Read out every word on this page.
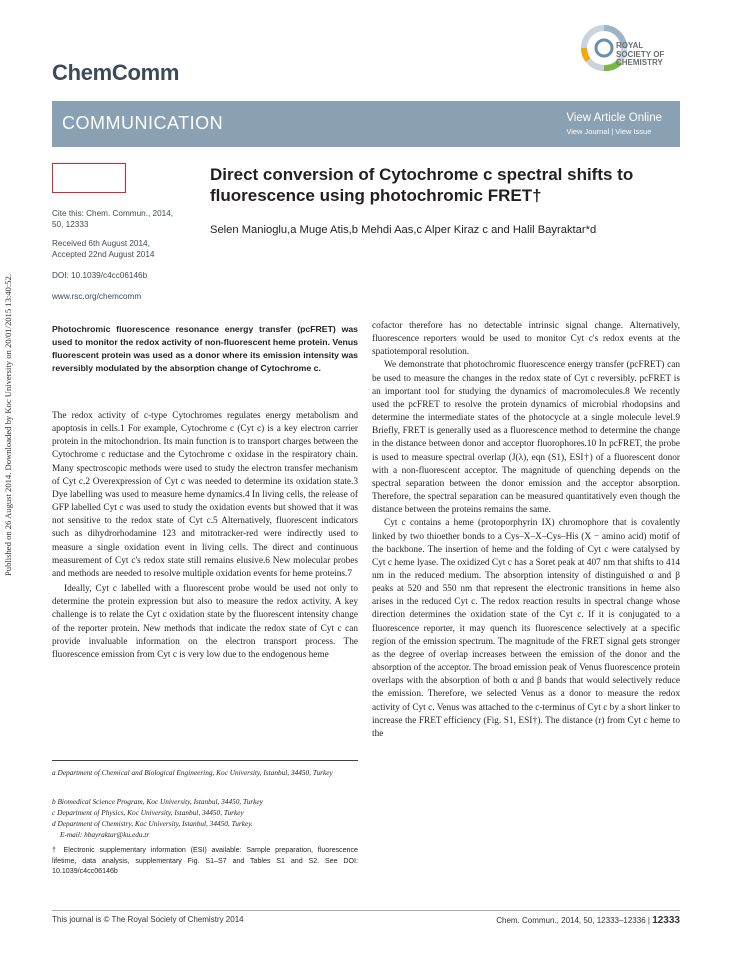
Published on 26 August 2014. Downloaded by Koc University on 20/01/2015 13:40:52.
ChemComm
ROYAL SOCIETY OF CHEMISTRY
COMMUNICATION	View Article Online
View Journal | View Issue
Cite this: Chem. Commun., 2014,
50, 12333
Received 6th August 2014,
Accepted 22nd August 2014
DOI: 10.1039/c4cc06146b
www.rsc.org/chemcomm
Direct conversion of Cytochrome c spectral shifts to fluorescence using photochromic FRET†
Selen Manioglu,a Muge Atis,b Mehdi Aas,c Alper Kiraz c and Halil Bayraktar*d
Photochromic fluorescence resonance energy transfer (pcFRET) was used to monitor the redox activity of non-fluorescent heme protein. Venus fluorescent protein was used as a donor where its emission intensity was reversibly modulated by the absorption change of Cytochrome c.

The redox activity of c-type Cytochromes regulates energy metabolism and apoptosis in cells.1 For example, Cytochrome c (Cyt c) is a key electron carrier protein in the mitochondrion. Its main function is to transport charges between the Cytochrome c reductase and the Cytochrome c oxidase in the respiratory chain. Many spectroscopic methods were used to study the electron transfer mechanism of Cyt c.2 Overexpression of Cyt c was needed to determine its oxidation state.3 Dye labelling was used to measure heme dynamics.4 In living cells, the release of GFP labelled Cyt c was used to study the oxidation events but showed that it was not sensitive to the redox state of Cyt c.5 Alternatively, fluorescent indicators such as dihydrorhodamine 123 and mitotracker-red were indirectly used to measure a single oxidation event in living cells. The direct and continuous measurement of Cyt c's redox state still remains elusive.6 New molecular probes and methods are needed to resolve multiple oxidation events for heme proteins.7

Ideally, Cyt c labelled with a fluorescent probe would be used not only to determine the protein expression but also to measure the redox activity. A key challenge is to relate the Cyt c oxidation state by the fluorescent intensity change of the reporter protein. New methods that indicate the redox state of Cyt c can provide invaluable information on the electron transport process. The fluorescence emission from Cyt c is very low due to the endogenous heme

cofactor therefore has no detectable intrinsic signal change. Alternatively, fluorescence reporters would be used to monitor Cyt c's redox events at the spatiotemporal resolution.

We demonstrate that photochromic fluorescence energy transfer (pcFRET) can be used to measure the changes in the redox state of Cyt c reversibly. pcFRET is an important tool for studying the dynamics of macromolecules.8 We recently used the pcFRET to resolve the protein dynamics of microbial rhodopsins and determine the intermediate states of the photocycle at a single molecule level.9 Briefly, FRET is generally used as a fluorescence method to determine the change in the distance between donor and acceptor fluorophores.10 In pcFRET, the probe is used to measure spectral overlap (J(λ), eqn (S1), ESI†) of a fluorescent donor with a non-fluorescent acceptor. The magnitude of quenching depends on the spectral separation between the donor emission and the acceptor absorption. Therefore, the spectral separation can be measured quantitatively even though the distance between the proteins remains the same.

Cyt c contains a heme (protoporphyrin IX) chromophore that is covalently linked by two thioether bonds to a Cys–X–X–Cys–His (X − amino acid) motif of the backbone. The insertion of heme and the folding of Cyt c were catalysed by Cyt c heme lyase. The oxidized Cyt c has a Soret peak at 407 nm that shifts to 414 nm in the reduced medium. The absorption intensity of distinguished α and β peaks at 520 and 550 nm that represent the electronic transitions in heme also arises in the reduced Cyt c. The redox reaction results in spectral change whose direction determines the oxidation state of the Cyt c. If it is conjugated to a fluorescence reporter, it may quench its fluorescence selectively at a specific region of the emission spectrum. The magnitude of the FRET signal gets stronger as the degree of overlap increases between the emission of the donor and the absorption of the acceptor. The broad emission peak of Venus fluorescence protein overlaps with the absorption of both α and β bands that would selectively reduce the emission. Therefore, we selected Venus as a donor to measure the redox activity of Cyt c. Venus was attached to the c-terminus of Cyt c by a short linker to increase the FRET efficiency (Fig. S1, ESI†). The distance (r) from Cyt c heme to the

a Department of Chemical and Biological Engineering, Koc University, Istanbul, 34450, Turkey
b Biomedical Science Program, Koc University, Istanbul, 34450, Turkey
c Department of Physics, Koc University, Istanbul, 34450, Turkey
d Department of Chemistry, Koc University, Istanbul, 34450, Turkey.
E-mail: hbayraktar@ku.edu.tr
† Electronic supplementary information (ESI) available: Sample preparation, fluorescence lifetime, data analysis, supplementary Fig. S1–S7 and Tables S1 and S2. See DOI: 10.1039/c4cc06146b
This journal is © The Royal Society of Chemistry 2014	Chem. Commun., 2014, 50, 12333–12336 | 12333
